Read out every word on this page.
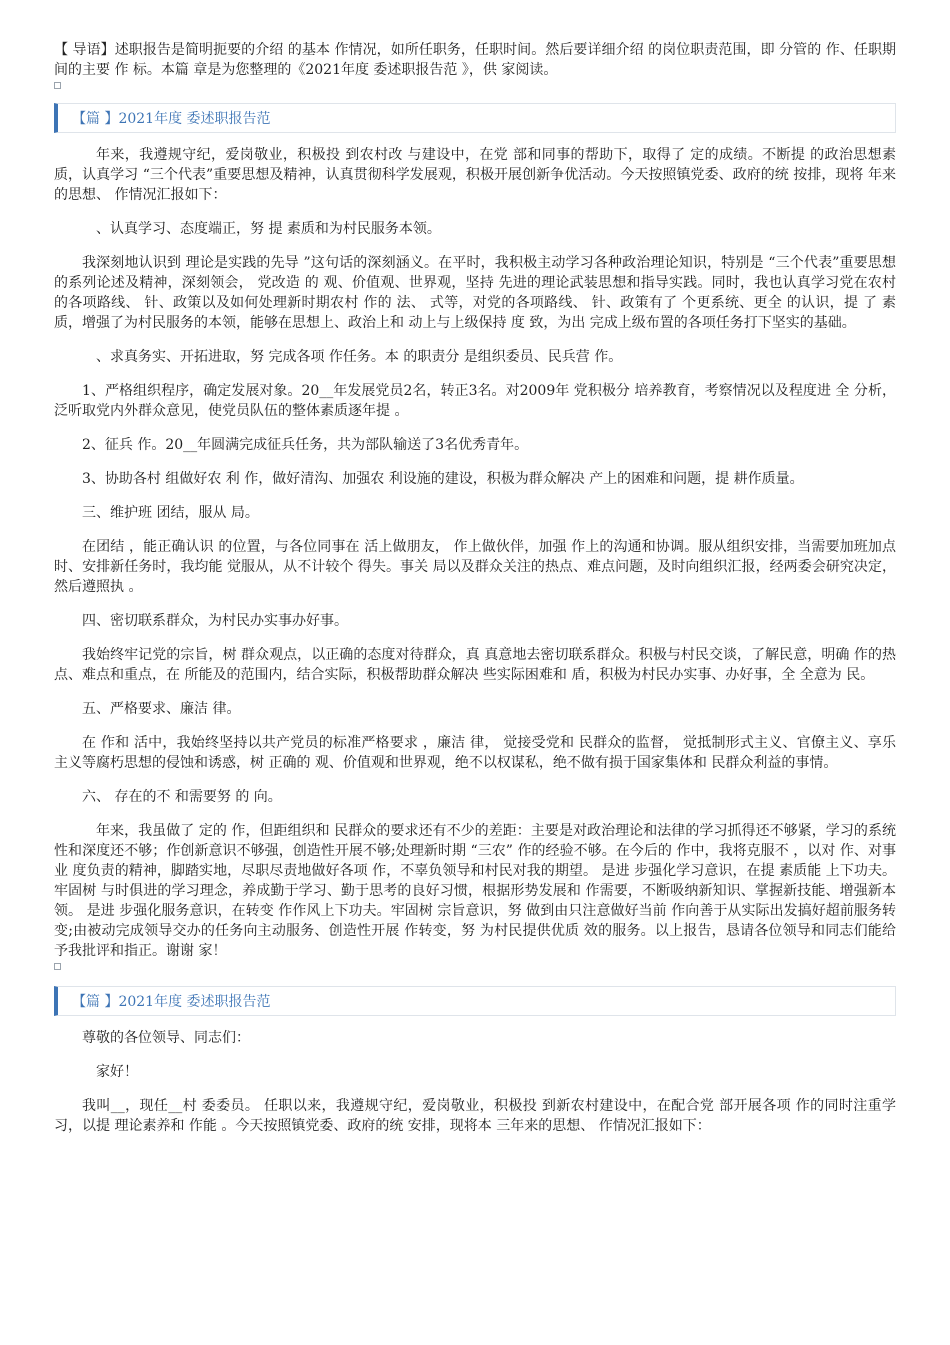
【 导语】述职报告是简明扼要的介绍 的基本 作情况，如所任职务，任职时间。然后要详细介绍 的岗位职责范围，即 分管的 作、任职期间的主要 作 标。本篇 章是为您整理的《2021年度 委述职报告范 》，供 家阅读。

【篇 】2021年度 委述职报告范

年来，我遵规守纪，爱岗敬业，积极投 到农村改 与建设中，在党 部和同事的帮助下，取得了 定的成绩。不断提 的政治思想素质，认真学习 “三个代表”重要思想及精神，认真贯彻科学发展观，积极开展创新争优活动。今天按照镇党委、政府的统 按排，现将 年来的思想、 作情况汇报如下：

、认真学习、态度端正，努 提 素质和为村民服务本领。

我深刻地认识到 理论是实践的先导 ”这句话的深刻涵义。在平时，我积极主动学习各种政治理论知识，特别是 “三个代表”重要思想的系列论述及精神，深刻领会， 党改造 的 观、价值观、世界观，坚持 先进的理论武装思想和指导实践。同时，我也认真学习党在农村的各项路线、 针、政策以及如何处理新时期农村 作的 法、 式等，对党的各项路线、 针、政策有了 个更系统、更全 的认识，提 了 素质，增强了为村民服务的本领，能够在思想上、政治上和 动上与上级保持 度 致，为出 完成上级布置的各项任务打下坚实的基础。

、求真务实、开拓进取，努 完成各项 作任务。本 的职责分 是组织委员、民兵营 作。

1、严格组织程序，确定发展对象。20__年发展党员2名，转正3名。对2009年 党积极分 培养教育，考察情况以及程度进 全 分析， 泛听取党内外群众意见，使党员队伍的整体素质逐年提 。

2、征兵 作。20__年圆满完成征兵任务，共为部队输送了3名优秀青年。

3、协助各村 组做好农 利 作，做好清沟、加强农 利设施的建设，积极为群众解决 产上的困难和问题，提 耕作质量。

三、维护班 团结，服从 局。

在团结 ，能正确认识 的位置，与各位同事在 活上做朋友， 作上做伙伴，加强 作上的沟通和协调。服从组织安排，当需要加班加点时、安排新任务时，我均能 觉服从，从不计较个 得失。事关 局以及群众关注的热点、难点问题，及时向组织汇报，经两委会研究决定，然后遵照执 。

四、密切联系群众，为村民办实事办好事。

我始终牢记党的宗旨，树 群众观点，以正确的态度对待群众，真 真意地去密切联系群众。积极与村民交谈，了解民意，明确 作的热点、难点和重点，在 所能及的范围内，结合实际，积极帮助群众解决 些实际困难和 盾，积极为村民办实事、办好事，全 全意为 民。

五、严格要求、廉洁 律。

在 作和 活中，我始终坚持以共产党员的标准严格要求 ，廉洁 律， 觉接受党和 民群众的监督， 觉抵制形式主义、官僚主义、享乐主义等腐朽思想的侵蚀和诱惑，树 正确的 观、价值观和世界观，绝不以权谋私，绝不做有损于国家集体和 民群众利益的事情。

六、 存在的不 和需要努 的 向。

年来，我虽做了 定的 作，但距组织和 民群众的要求还有不少的差距：主要是对政治理论和法律的学习抓得还不够紧，学习的系统性和深度还不够；作创新意识不够强，创造性开展不够;处理新时期 “三农” 作的经验不够。在今后的 作中，我将克服不 ，以对 作、对事业 度负责的精神，脚踏实地，尽职尽责地做好各项 作，不辜负领导和村民对我的期望。 是进 步强化学习意识，在提 素质能 上下功夫。牢固树 与时俱进的学习理念，养成勤于学习、勤于思考的良好习惯，根据形势发展和 作需要，不断吸纳新知识、掌握新技能、增强新本领。 是进 步强化服务意识，在转变 作作风上下功夫。牢固树 宗旨意识，努 做到由只注意做好当前 作向善于从实际出发搞好超前服务转变;由被动完成领导交办的任务向主动服务、创造性开展 作转变，努 为村民提供优质 效的服务。以上报告，恳请各位领导和同志们能给予我批评和指正。谢谢 家！

【篇 】2021年度 委述职报告范

尊敬的各位领导、同志们：

家好！

我叫__，现任__村 委委员。 任职以来，我遵规守纪，爱岗敬业，积极投 到新农村建设中，在配合党 部开展各项 作的同时注重学习，以提 理论素养和 作能 。今天按照镇党委、政府的统 安排，现将本 三年来的思想、 作情况汇报如下：
